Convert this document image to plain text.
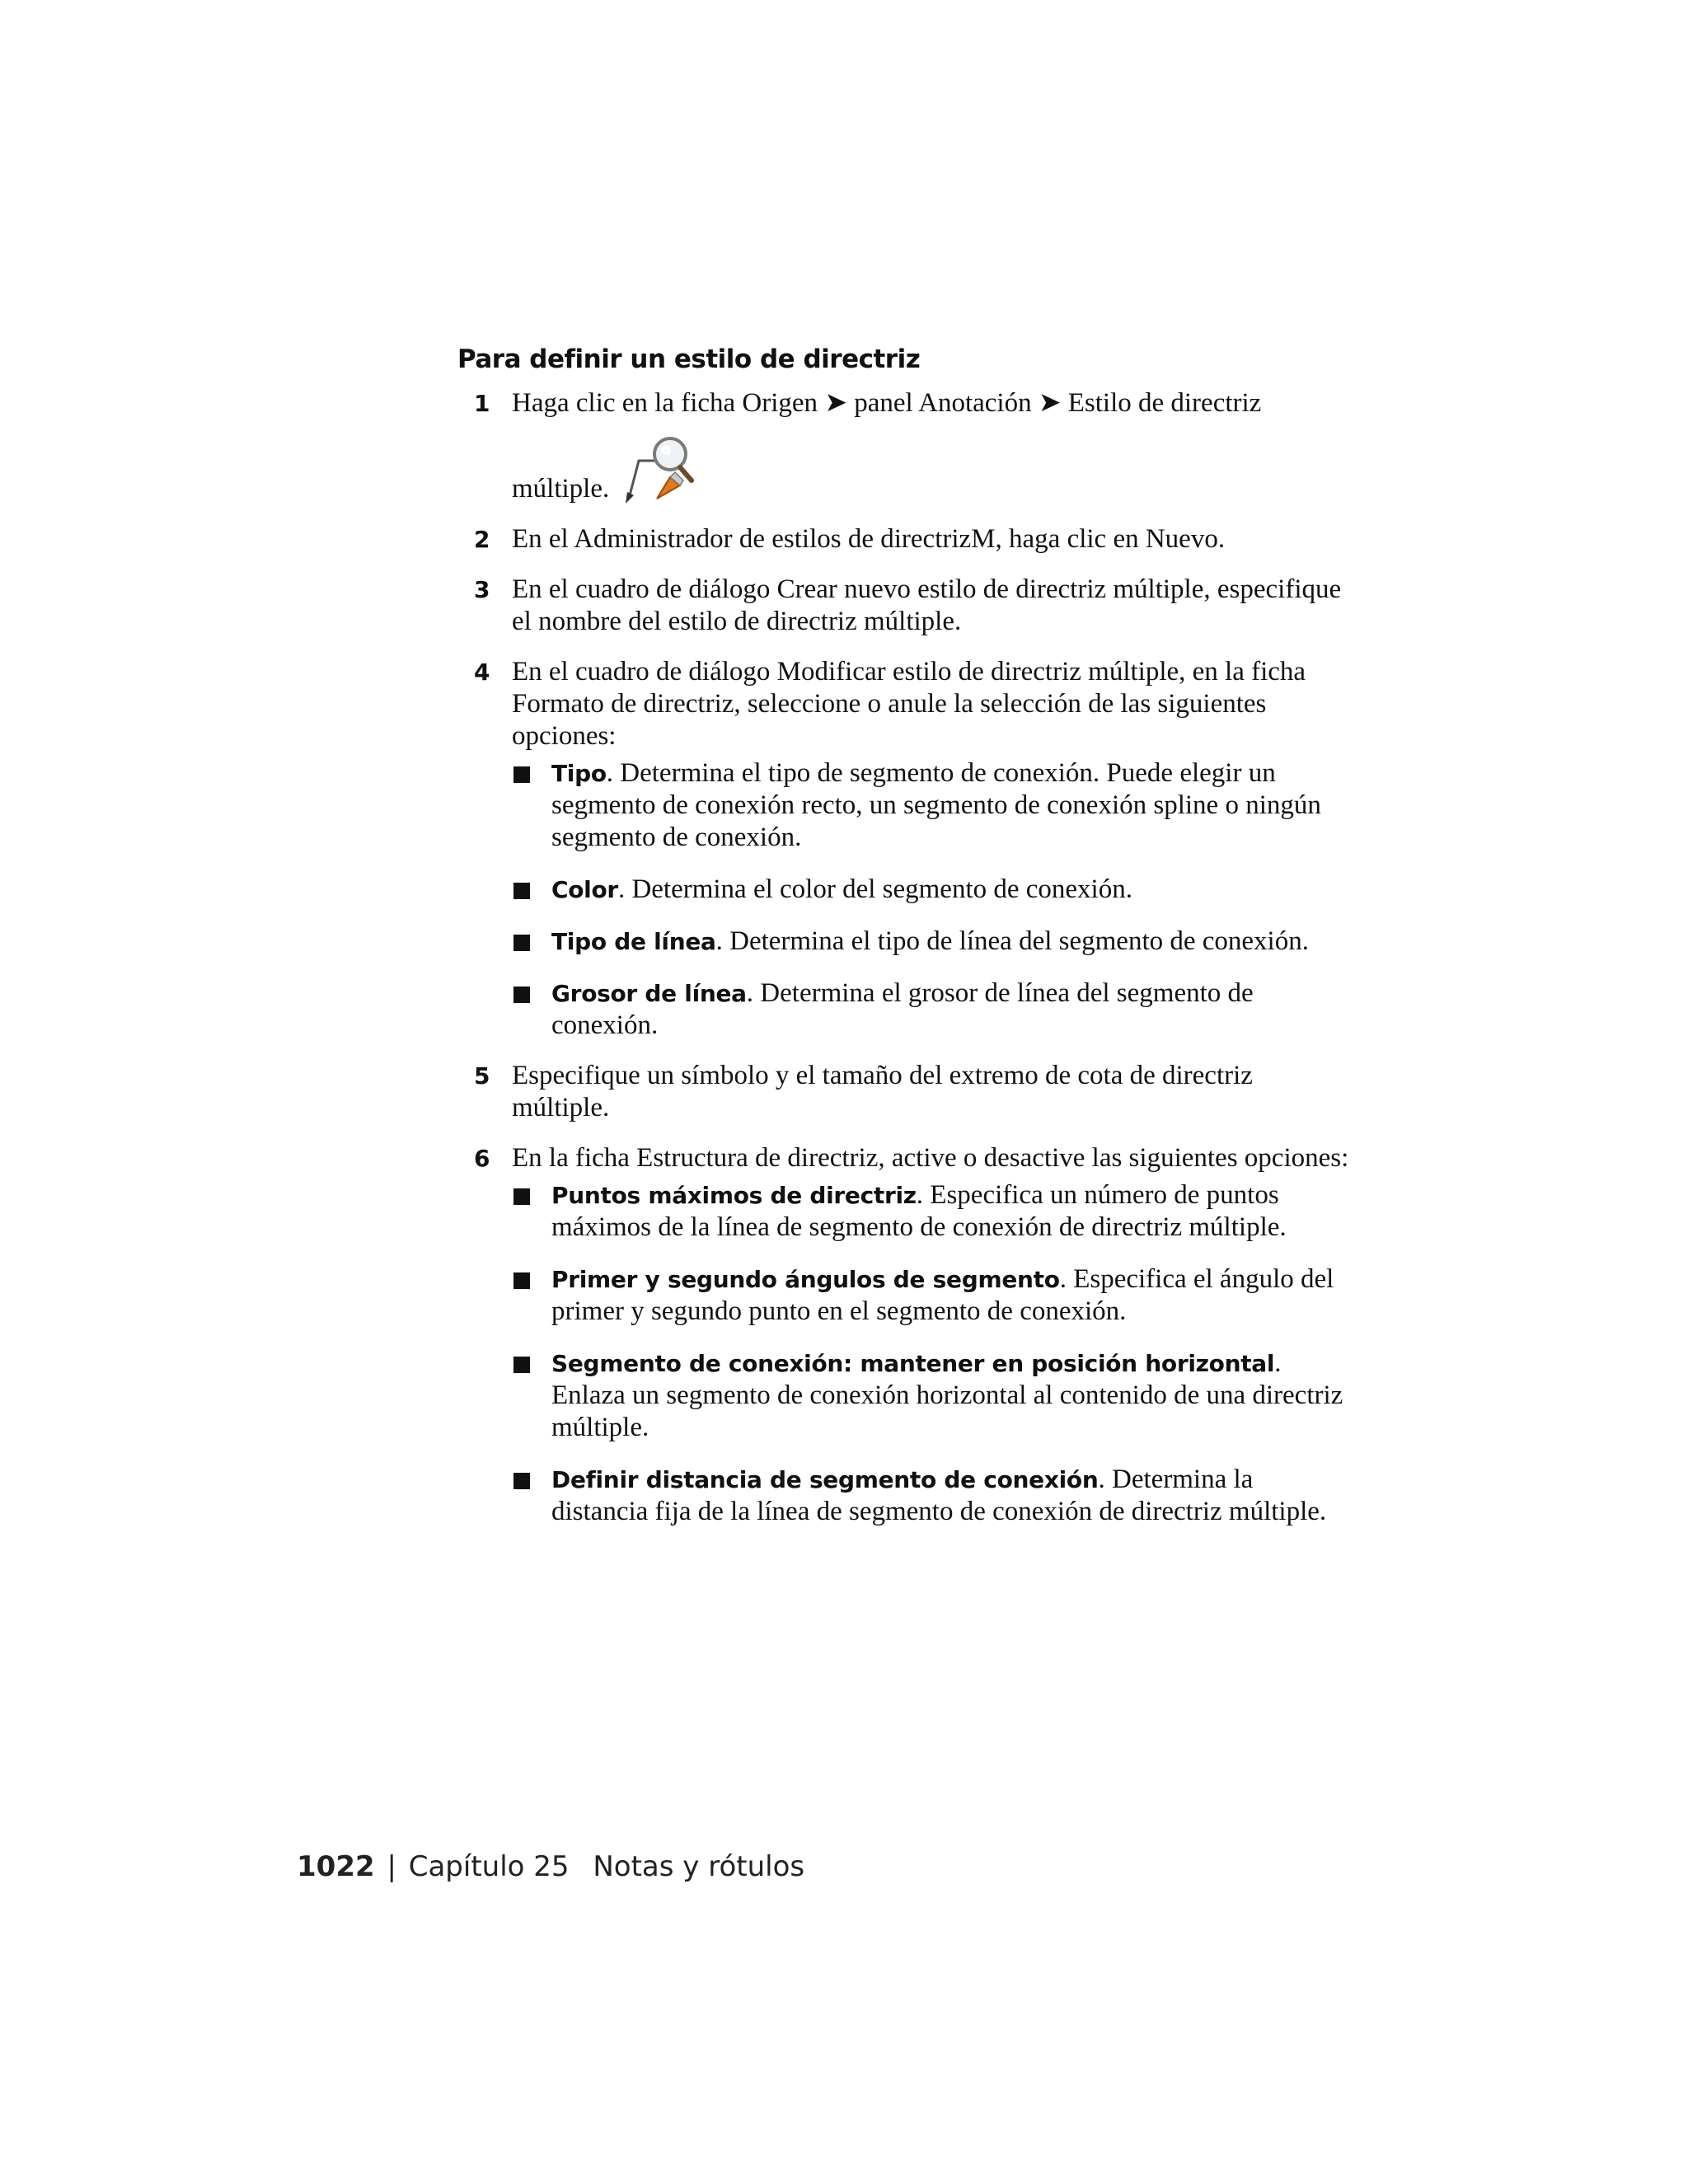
Para definir un estilo de directriz
1 Haga clic en la ficha Origen ➤ panel Anotación ➤ Estilo de directriz
múltiple.
2 En el Administrador de estilos de directrizM, haga clic en Nuevo.
3 En el cuadro de diálogo Crear nuevo estilo de directriz múltiple, especifique el nombre del estilo de directriz múltiple.
4 En el cuadro de diálogo Modificar estilo de directriz múltiple, en la ficha Formato de directriz, seleccione o anule la selección de las siguientes opciones:
Tipo. Determina el tipo de segmento de conexión. Puede elegir un segmento de conexión recto, un segmento de conexión spline o ningún segmento de conexión.
Color. Determina el color del segmento de conexión.
Tipo de línea. Determina el tipo de línea del segmento de conexión.
Grosor de línea. Determina el grosor de línea del segmento de conexión.
5 Especifique un símbolo y el tamaño del extremo de cota de directriz múltiple.
6 En la ficha Estructura de directriz, active o desactive las siguientes opciones:
Puntos máximos de directriz. Especifica un número de puntos máximos de la línea de segmento de conexión de directriz múltiple.
Primer y segundo ángulos de segmento. Especifica el ángulo del primer y segundo punto en el segmento de conexión.
Segmento de conexión: mantener en posición horizontal. Enlaza un segmento de conexión horizontal al contenido de una directriz múltiple.
Definir distancia de segmento de conexión. Determina la distancia fija de la línea de segmento de conexión de directriz múltiple.
1022 | Capítulo 25 Notas y rótulos
